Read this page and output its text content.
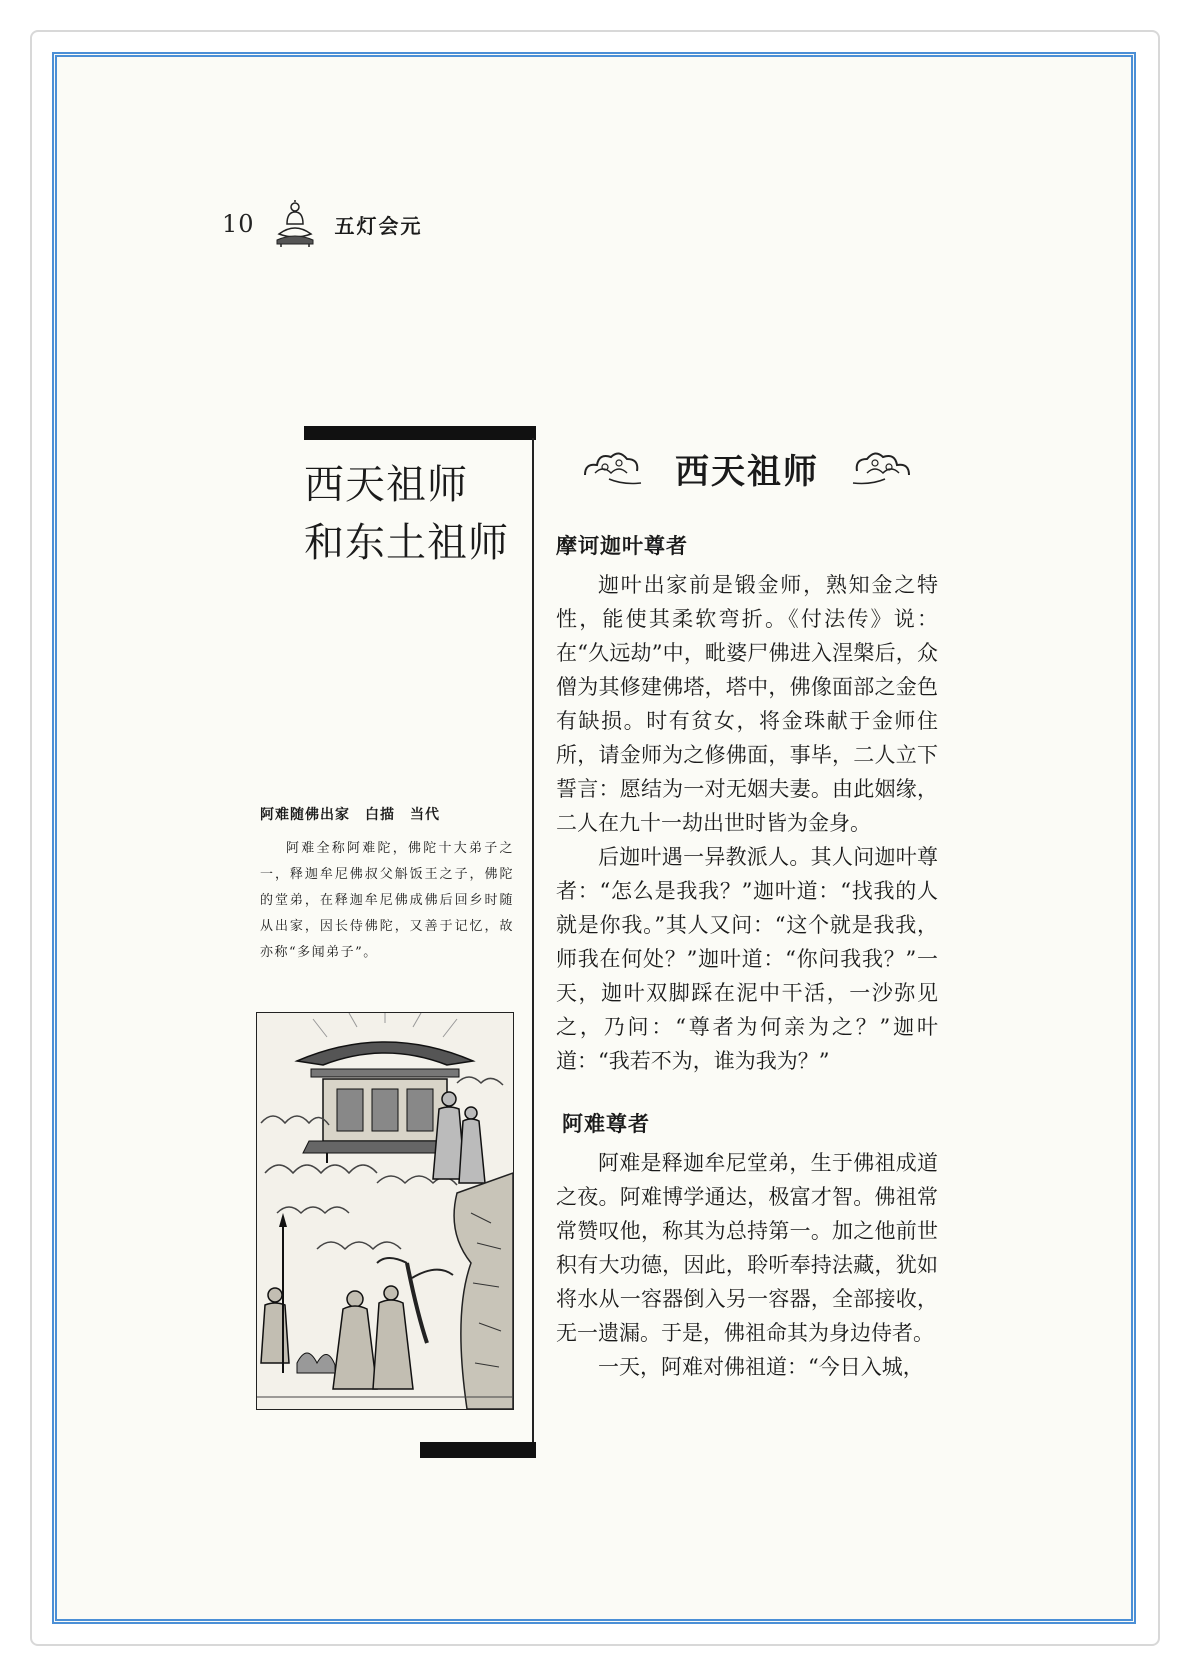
10	五灯会元
西天祖师
和东土祖师
阿难随佛出家　白描　当代
阿难全称阿难陀，佛陀十大弟子之一，释迦牟尼佛叔父斛饭王之子，佛陀的堂弟，在释迦牟尼佛成佛后回乡时随从出家，因长侍佛陀，又善于记忆，故亦称“多闻弟子”。
西天祖师
摩诃迦叶尊者

迦叶出家前是锻金师，熟知金之特性，能使其柔软弯折。《付法传》说：在“久远劫”中，毗婆尸佛进入涅槃后，众僧为其修建佛塔，塔中，佛像面部之金色有缺损。时有贫女，将金珠献于金师住所，请金师为之修佛面，事毕，二人立下誓言：愿结为一对无姻夫妻。由此姻缘，二人在九十一劫出世时皆为金身。

后迦叶遇一异教派人。其人问迦叶尊者：“怎么是我我？”迦叶道：“找我的人就是你我。”其人又问：“这个就是我我，师我在何处？”迦叶道：“你问我我？”一天，迦叶双脚踩在泥中干活，一沙弥见之，乃问：“尊者为何亲为之？”迦叶道：“我若不为，谁为我为？”

阿难尊者

阿难是释迦牟尼堂弟，生于佛祖成道之夜。阿难博学通达，极富才智。佛祖常常赞叹他，称其为总持第一。加之他前世积有大功德，因此，聆听奉持法藏，犹如将水从一容器倒入另一容器，全部接收，无一遗漏。于是，佛祖命其为身边侍者。

一天，阿难对佛祖道：“今日入城，
